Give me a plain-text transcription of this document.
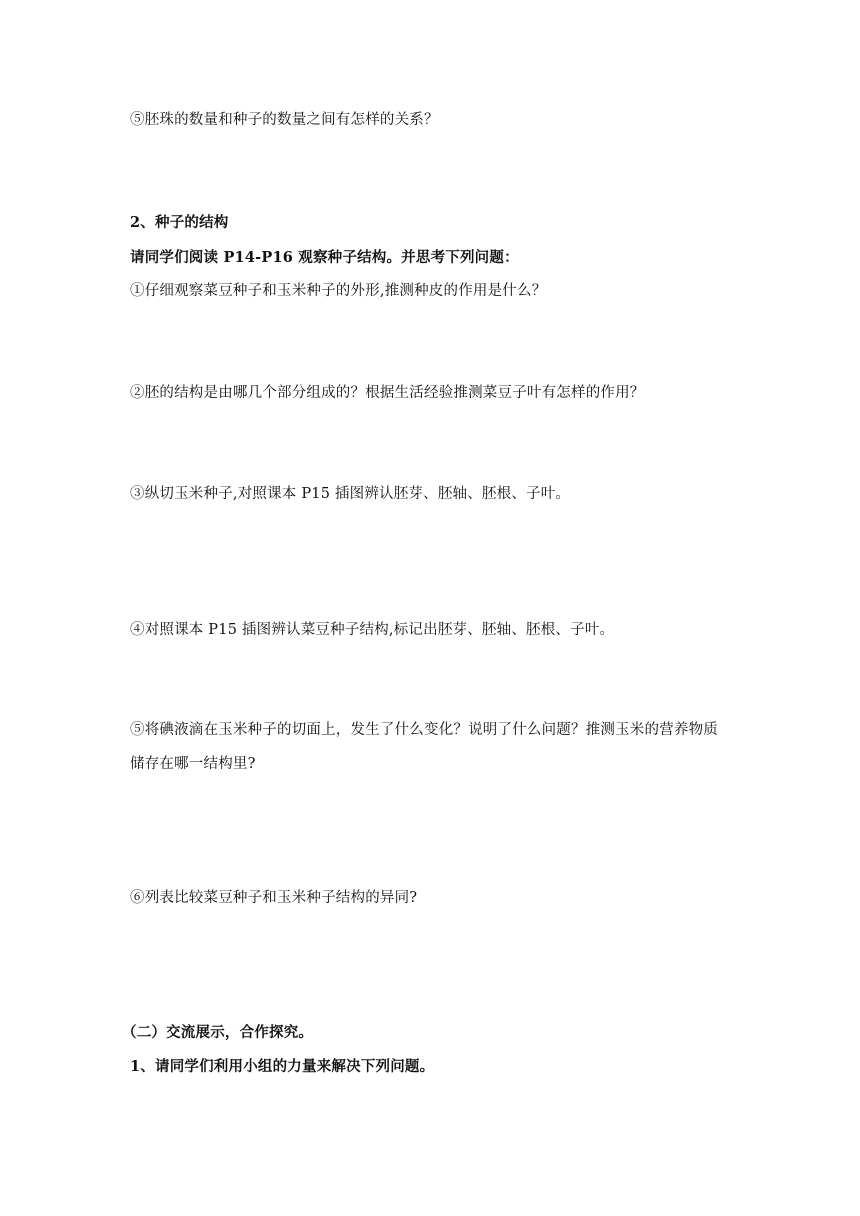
⑤胚珠的数量和种子的数量之间有怎样的关系？
2、种子的结构
请同学们阅读 P14-P16 观察种子结构。并思考下列问题：
①仔细观察菜豆种子和玉米种子的外形,推测种皮的作用是什么？
②胚的结构是由哪几个部分组成的？根据生活经验推测菜豆子叶有怎样的作用？
③纵切玉米种子,对照课本 P15 插图辨认胚芽、胚轴、胚根、子叶。
④对照课本 P15 插图辨认菜豆种子结构,标记出胚芽、胚轴、胚根、子叶。
⑤将碘液滴在玉米种子的切面上，发生了什么变化？说明了什么问题？推测玉米的营养物质
储存在哪一结构里?
⑥列表比较菜豆种子和玉米种子结构的异同?
（二）交流展示，合作探究。
1、请同学们利用小组的力量来解决下列问题。
